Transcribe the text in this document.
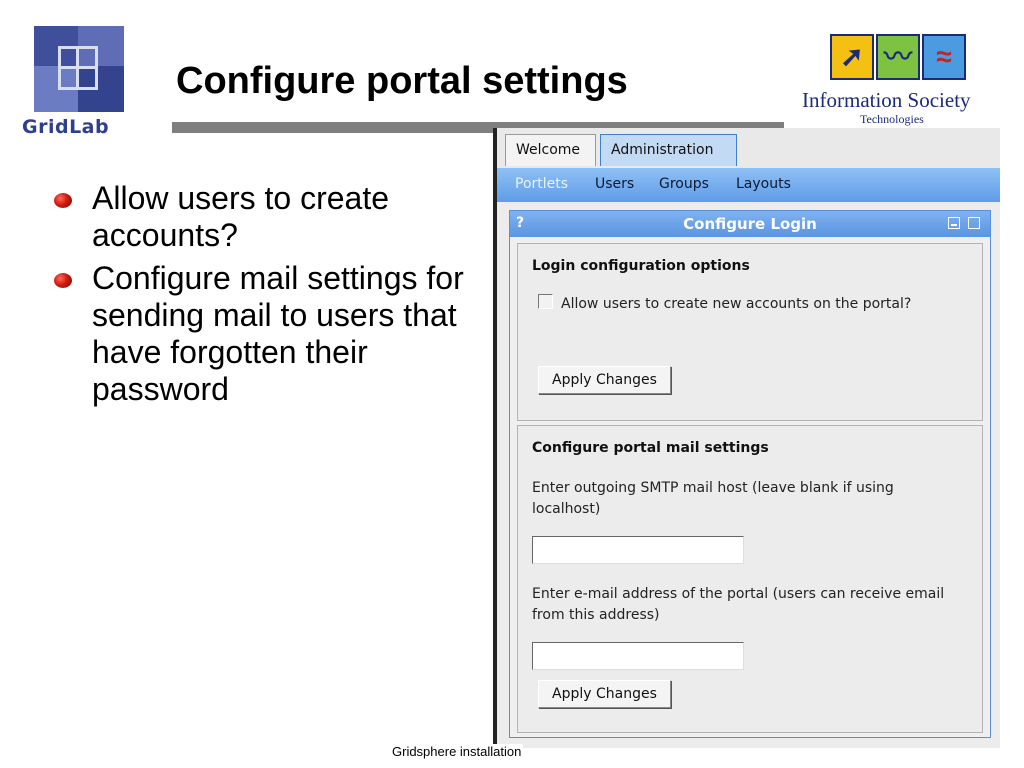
GridLab
Configure portal settings
➚ 〰 ≈
Information Society
Technologies
Allow users to create accounts?
Configure mail settings for sending mail to users that have forgotten their password
Welcome	Administration
Portlets Users Groups Layouts
?	Configure Login
Login configuration options
Allow users to create new accounts on the portal?
Apply Changes
Configure portal mail settings
Enter outgoing SMTP mail host (leave blank if using localhost)
Enter e-mail address of the portal (users can receive email from this address)
Apply Changes
Gridsphere installation
